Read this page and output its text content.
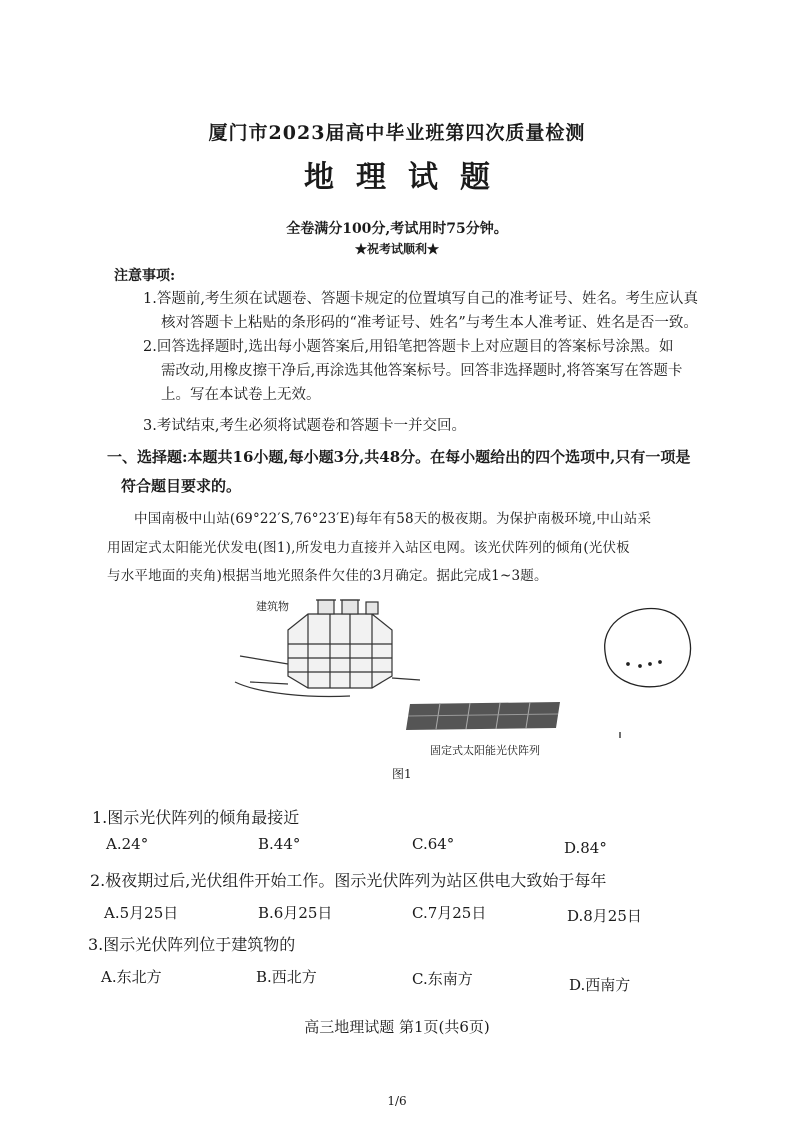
厦门市2023届高中毕业班第四次质量检测
地理试题
全卷满分100分,考试用时75分钟。
★祝考试顺利★
注意事项:
1.答题前,考生须在试题卷、答题卡规定的位置填写自己的准考证号、姓名。考生应认真
核对答题卡上粘贴的条形码的“准考证号、姓名”与考生本人准考证、姓名是否一致。
2.回答选择题时,选出每小题答案后,用铅笔把答题卡上对应题目的答案标号涂黑。如
需改动,用橡皮擦干净后,再涂选其他答案标号。回答非选择题时,将答案写在答题卡
上。写在本试卷上无效。
3.考试结束,考生必须将试题卷和答题卡一并交回。
一、选择题:本题共16小题,每小题3分,共48分。在每小题给出的四个选项中,只有一项是
符合题目要求的。
中国南极中山站(69°22′S,76°23′E)每年有58天的极夜期。为保护南极环境,中山站采
用固定式太阳能光伏发电(图1),所发电力直接并入站区电网。该光伏阵列的倾角(光伏板
与水平地面的夹角)根据当地光照条件欠佳的3月确定。据此完成1~3题。
建筑物
固定式太阳能光伏阵列
图1
1.图示光伏阵列的倾角最接近
A.24°	B.44°	C.64°	D.84°
2.极夜期过后,光伏组件开始工作。图示光伏阵列为站区供电大致始于每年
A.5月25日	B.6月25日	C.7月25日	D.8月25日
3.图示光伏阵列位于建筑物的
A.东北方	B.西北方	C.东南方	D.西南方
高三地理试题 第1页(共6页)
1/6
